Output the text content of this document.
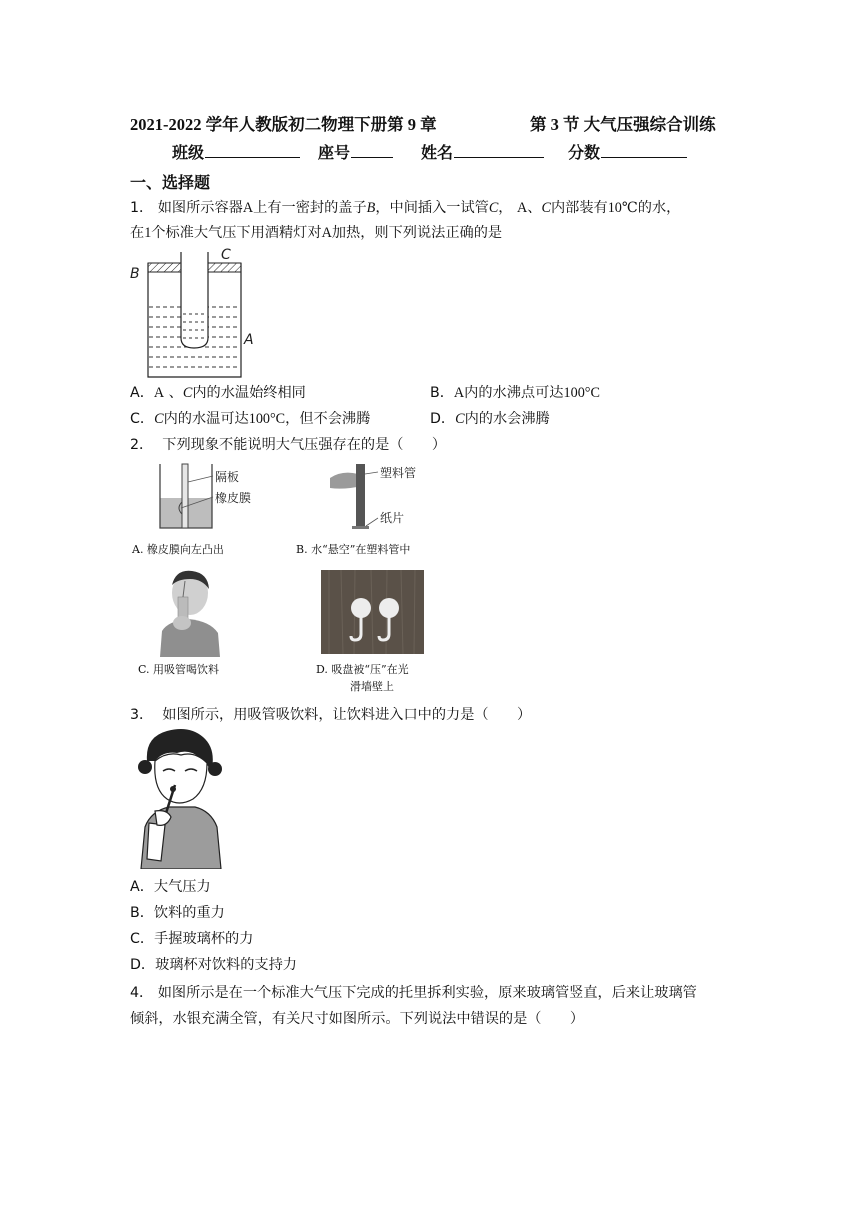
2021-2022 学年人教版初二物理下册第 9 章	第 3 节 大气压强综合训练
班级	座号	姓名	分数
一、选择题
1． 如图所示容器A上有一密封的盖子B，中间插入一试管C， A、C内部装有10℃的水，
在1个标准大气压下用酒精灯对A加热，则下列说法正确的是
B
C
A
A．A 、C内的水温始终相同	B．A内的水沸点可达100°C
C．C内的水温可达100°C，但不会沸腾	D．C内的水会沸腾
2． 下列现象不能说明大气压强存在的是（　　）
隔板
橡皮膜
A. 橡皮膜向左凸出
塑料管
纸片
B. 水“悬空”在塑料管中
C. 用吸管喝饮料	D. 吸盘被“压”在光
滑墙壁上
3． 如图所示，用吸管吸饮料，让饮料进入口中的力是（　　）
A．大气压力
B．饮料的重力
C．手握玻璃杯的力
D．玻璃杯对饮料的支持力
4． 如图所示是在一个标准大气压下完成的托里拆利实验，原来玻璃管竖直，后来让玻璃管
倾斜，水银充满全管，有关尺寸如图所示。下列说法中错误的是（　　）
